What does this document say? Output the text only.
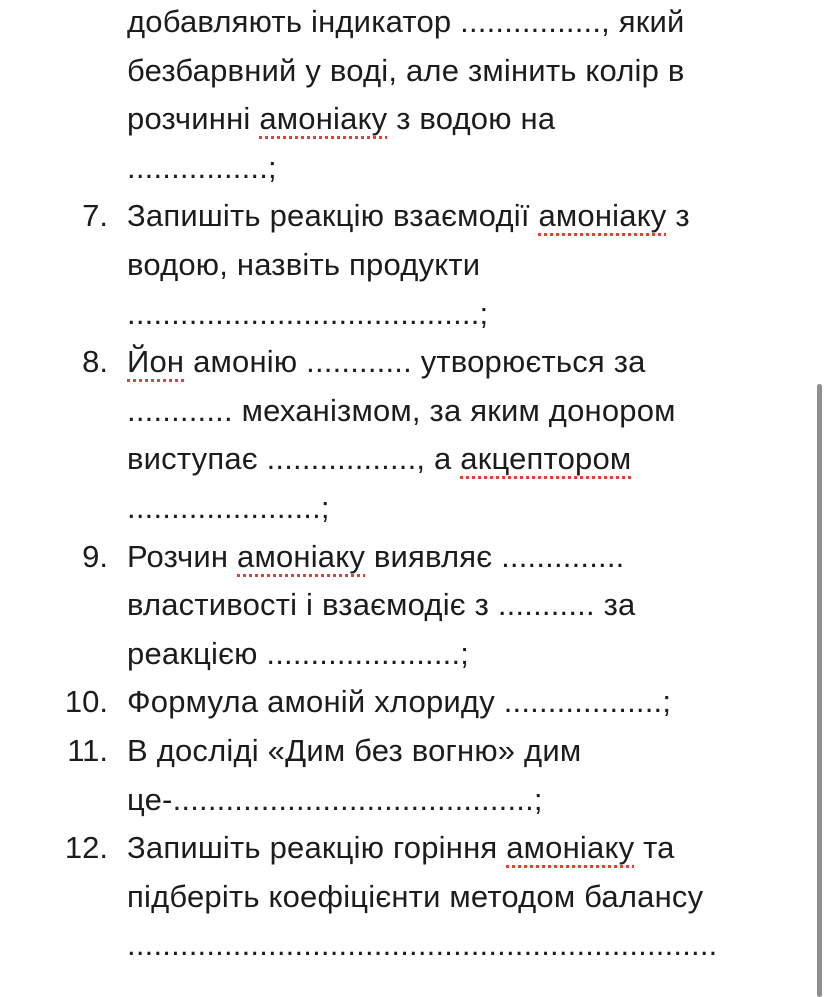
добавляють індикатор ................, який
безбарвний у воді, але змінить колір в
розчинні амоніаку з водою на
................;
7. Запишіть реакцію взаємодії амоніаку з
водою, назвіть продукти
........................................;
8. Йон амонію ............ утворюється за
............ механізмом, за яким донором
виступає ................., а акцептором
......................;
9. Розчин амоніаку виявляє ..............
властивості і взаємодіє з ........... за
реакцією ......................;
10. Формула амоній хлориду ..................;
11. В досліді «Дим без вогню» дим
це-.........................................;
12. Запишіть реакцію горіння амоніаку та
підберіть коефіцієнти методом балансу
...................................................................
